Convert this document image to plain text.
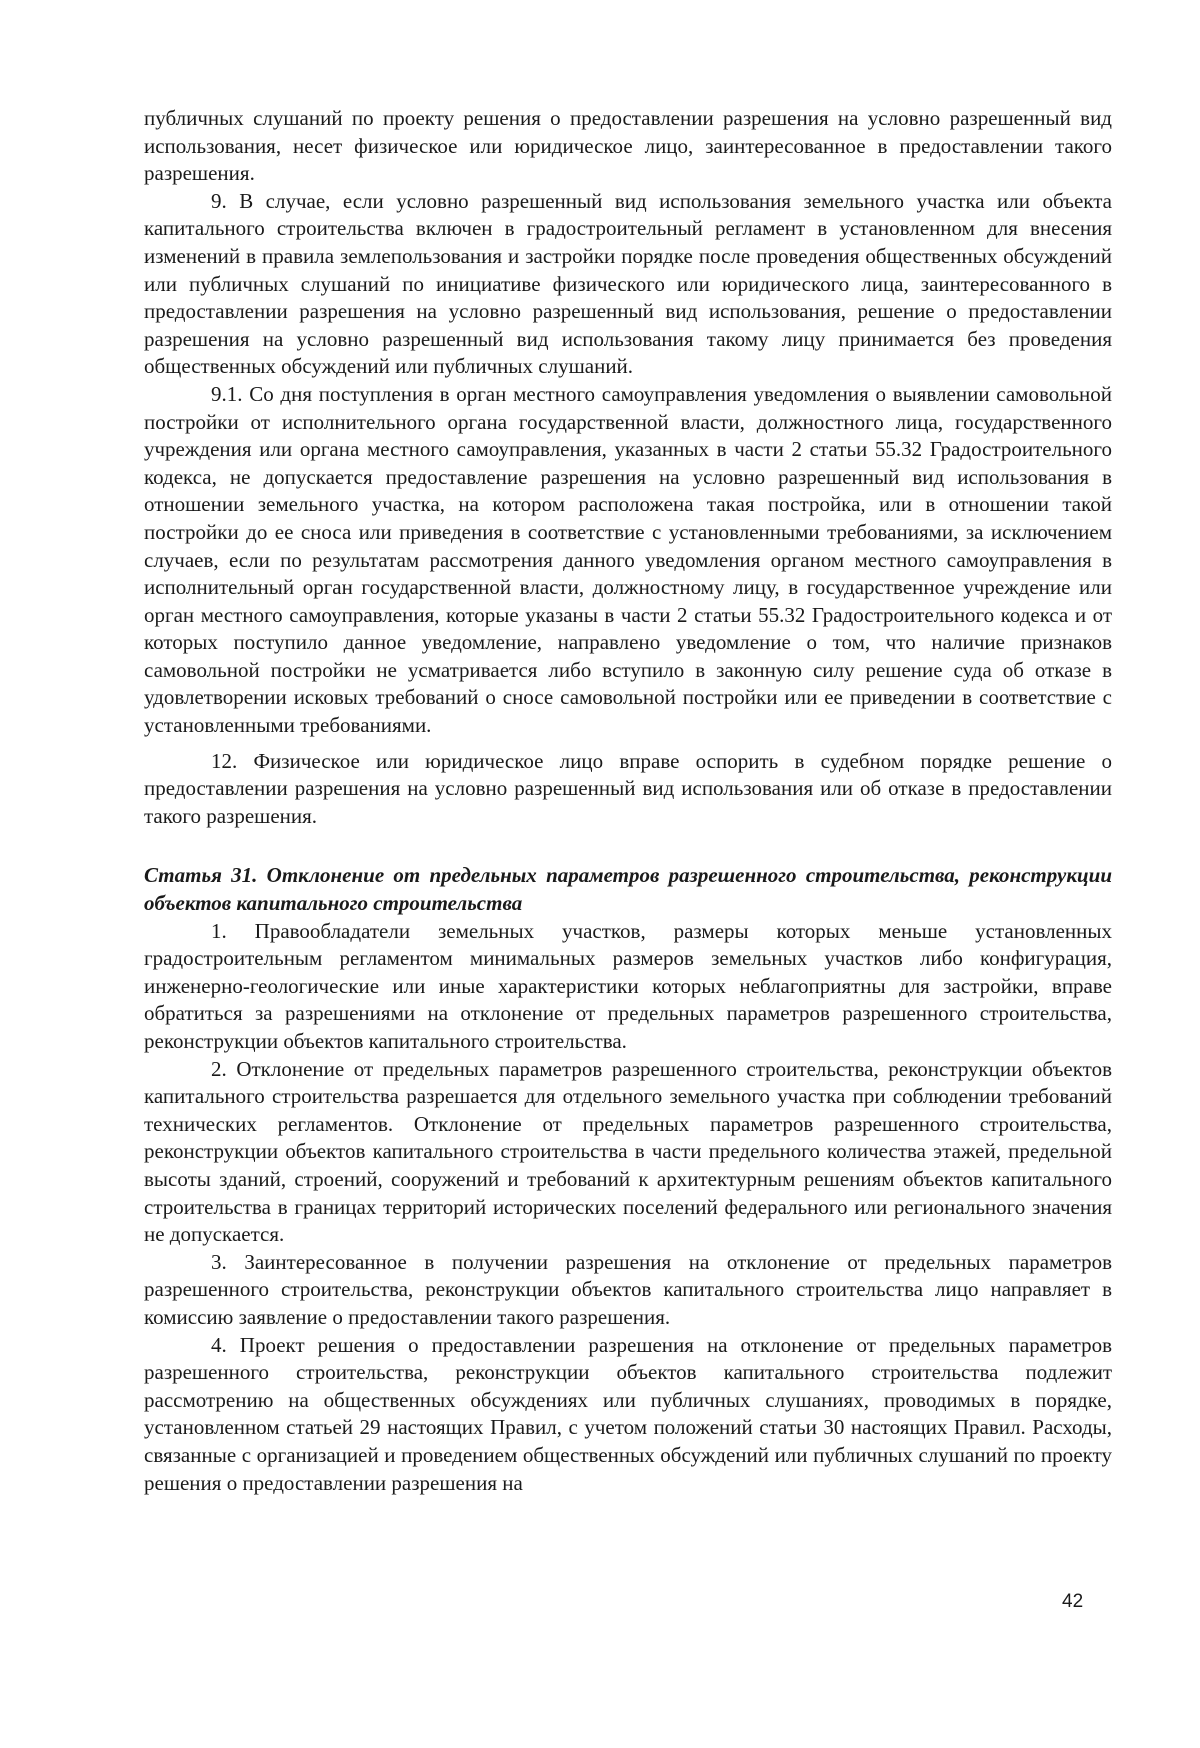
публичных слушаний по проекту решения о предоставлении разрешения на условно разрешенный вид использования, несет физическое или юридическое лицо, заинтересованное в предоставлении такого разрешения.

9. В случае, если условно разрешенный вид использования земельного участка или объекта капитального строительства включен в градостроительный регламент в установленном для внесения изменений в правила землепользования и застройки порядке после проведения общественных обсуждений или публичных слушаний по инициативе физического или юридического лица, заинтересованного в предоставлении разрешения на условно разрешенный вид использования, решение о предоставлении разрешения на условно разрешенный вид использования такому лицу принимается без проведения общественных обсуждений или публичных слушаний.

9.1. Со дня поступления в орган местного самоуправления уведомления о выявлении самовольной постройки от исполнительного органа государственной власти, должностного лица, государственного учреждения или органа местного самоуправления, указанных в части 2 статьи 55.32 Градостроительного кодекса, не допускается предоставление разрешения на условно разрешенный вид использования в отношении земельного участка, на котором расположена такая постройка, или в отношении такой постройки до ее сноса или приведения в соответствие с установленными требованиями, за исключением случаев, если по результатам рассмотрения данного уведомления органом местного самоуправления в исполнительный орган государственной власти, должностному лицу, в государственное учреждение или орган местного самоуправления, которые указаны в части 2 статьи 55.32 Градостроительного кодекса и от которых поступило данное уведомление, направлено уведомление о том, что наличие признаков самовольной постройки не усматривается либо вступило в законную силу решение суда об отказе в удовлетворении исковых требований о сносе самовольной постройки или ее приведении в соответствие с установленными требованиями.

12. Физическое или юридическое лицо вправе оспорить в судебном порядке решение о предоставлении разрешения на условно разрешенный вид использования или об отказе в предоставлении такого разрешения.

Статья 31. Отклонение от предельных параметров разрешенного строительства, реконструкции объектов капитального строительства

1. Правообладатели земельных участков, размеры которых меньше установленных градостроительным регламентом минимальных размеров земельных участков либо конфигурация, инженерно-геологические или иные характеристики которых неблагоприятны для застройки, вправе обратиться за разрешениями на отклонение от предельных параметров разрешенного строительства, реконструкции объектов капитального строительства.

2. Отклонение от предельных параметров разрешенного строительства, реконструкции объектов капитального строительства разрешается для отдельного земельного участка при соблюдении требований технических регламентов. Отклонение от предельных параметров разрешенного строительства, реконструкции объектов капитального строительства в части предельного количества этажей, предельной высоты зданий, строений, сооружений и требований к архитектурным решениям объектов капитального строительства в границах территорий исторических поселений федерального или регионального значения не допускается.

3. Заинтересованное в получении разрешения на отклонение от предельных параметров разрешенного строительства, реконструкции объектов капитального строительства лицо направляет в комиссию заявление о предоставлении такого разрешения.

4. Проект решения о предоставлении разрешения на отклонение от предельных параметров разрешенного строительства, реконструкции объектов капитального строительства подлежит рассмотрению на общественных обсуждениях или публичных слушаниях, проводимых в порядке, установленном статьей 29 настоящих Правил, с учетом положений статьи 30 настоящих Правил. Расходы, связанные с организацией и проведением общественных обсуждений или публичных слушаний по проекту решения о предоставлении разрешения на

42
